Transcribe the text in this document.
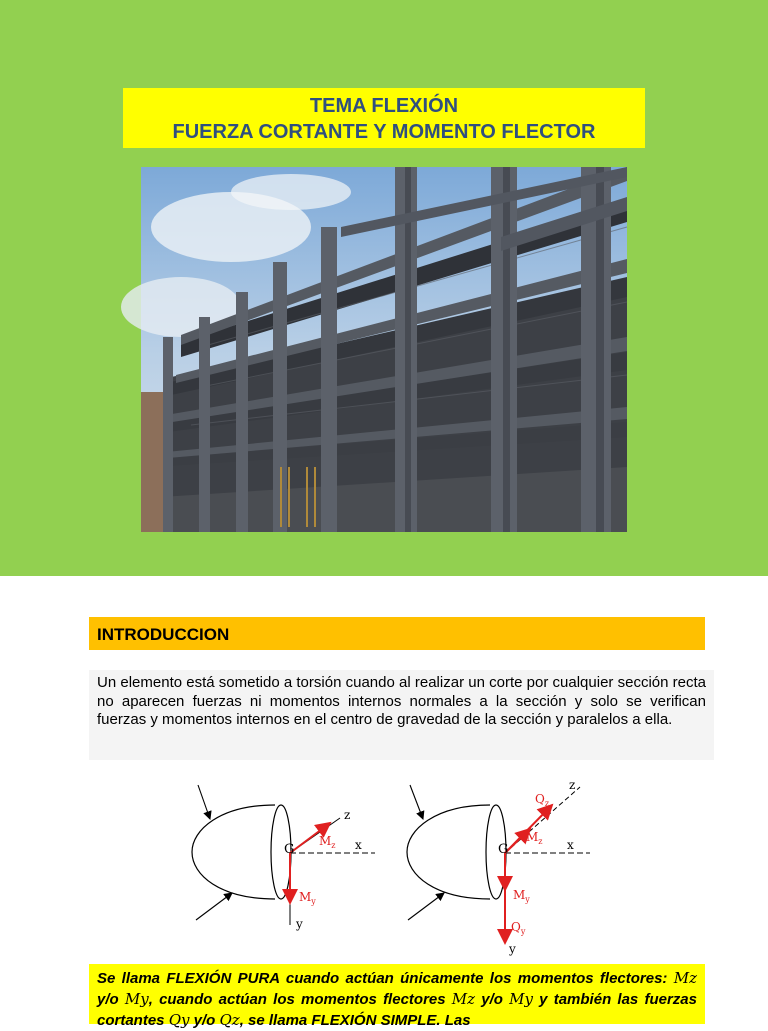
TEMA FLEXIÓN
FUERZA CORTANTE Y MOMENTO FLECTOR
INTRODUCCION
Un elemento está sometido a torsión cuando al realizar un corte por cualquier sección recta no aparecen fuerzas ni momentos internos normales a la sección y solo se verifican fuerzas y momentos internos en el centro de gravedad de la sección y paralelos a ella.
G	x
z
y
$M_z$
$M_y$
G	x
z
y
$Q_z$
$M_z$
$M_y$
$Q_y$
Se llama FLEXIÓN PURA cuando actúan únicamente los momentos flectores: Mz y/o My, cuando actúan los momentos flectores Mz y/o My y también las fuerzas cortantes Qy y/o Qz, se llama FLEXIÓN SIMPLE. Las
